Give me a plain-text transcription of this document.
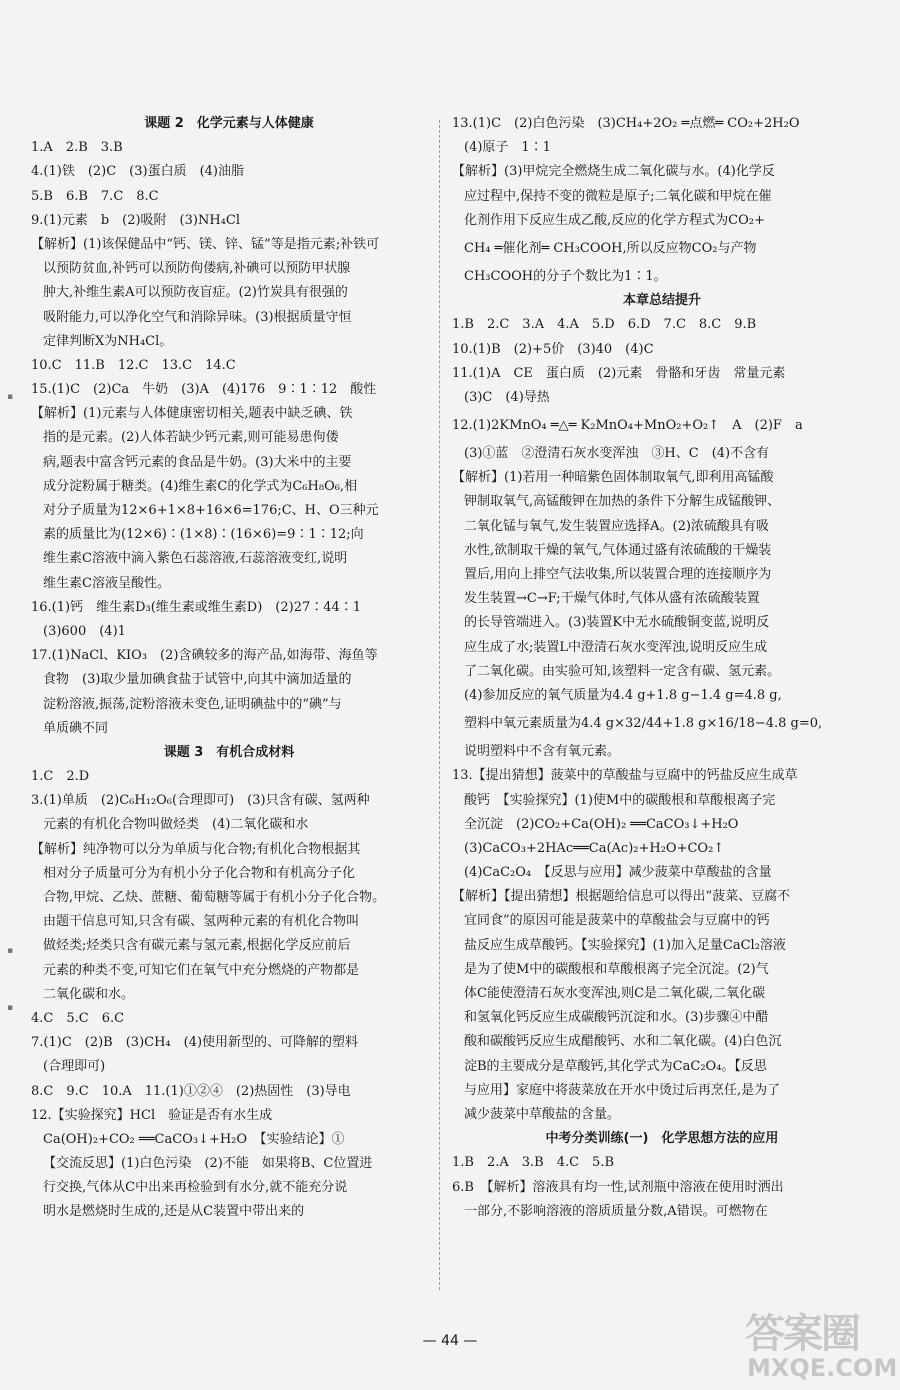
课题 2　化学元素与人体健康
1.A　2.B　3.B
4.(1)铁　(2)C　(3)蛋白质　(4)油脂
5.B　6.B　7.C　8.C
9.(1)元素　b　(2)吸附　(3)NH₄Cl
【解析】(1)该保健品中“钙、镁、锌、锰”等是指元素;补铁可
以预防贫血,补钙可以预防佝偻病,补碘可以预防甲状腺
肿大,补维生素A可以预防夜盲症。(2)竹炭具有很强的
吸附能力,可以净化空气和消除异味。(3)根据质量守恒
定律判断X为NH₄Cl。
10.C　11.B　12.C　13.C　14.C
15.(1)C　(2)Ca　牛奶　(3)A　(4)176　9∶1∶12　酸性
【解析】(1)元素与人体健康密切相关,题表中缺乏碘、铁
指的是元素。(2)人体若缺少钙元素,则可能易患佝偻
病,题表中富含钙元素的食品是牛奶。(3)大米中的主要
成分淀粉属于糖类。(4)维生素C的化学式为C₆H₈O₆,相
对分子质量为12×6+1×8+16×6=176;C、H、O三种元
素的质量比为(12×6)∶(1×8)∶(16×6)=9∶1∶12;向
维生素C溶液中滴入紫色石蕊溶液,石蕊溶液变红,说明
维生素C溶液呈酸性。
16.(1)钙　维生素D₃(维生素或维生素D)　(2)27∶44∶1
(3)600　(4)1
17.(1)NaCl、KIO₃　(2)含碘较多的海产品,如海带、海鱼等
食物　(3)取少量加碘食盐于试管中,向其中滴加适量的
淀粉溶液,振荡,淀粉溶液未变色,证明碘盐中的“碘”与
单质碘不同
课题 3　有机合成材料
1.C　2.D
3.(1)单质　(2)C₆H₁₂O₆(合理即可)　(3)只含有碳、氢两种
元素的有机化合物叫做烃类　(4)二氧化碳和水
【解析】纯净物可以分为单质与化合物;有机化合物根据其
相对分子质量可分为有机小分子化合物和有机高分子化
合物,甲烷、乙炔、蔗糖、葡萄糖等属于有机小分子化合物。
由题干信息可知,只含有碳、氢两种元素的有机化合物叫
做烃类;烃类只含有碳元素与氢元素,根据化学反应前后
元素的种类不变,可知它们在氧气中充分燃烧的产物都是
二氧化碳和水。
4.C　5.C　6.C
7.(1)C　(2)B　(3)CH₄　(4)使用新型的、可降解的塑料
(合理即可)
8.C　9.C　10.A　11.(1)①②④　(2)热固性　(3)导电
12.【实验探究】HCl　验证是否有水生成
Ca(OH)₂+CO₂ ══CaCO₃↓+H₂O　【实验结论】①
【交流反思】(1)白色污染　(2)不能　如果将B、C位置进
行交换,气体从C中出来再检验到有水分,就不能充分说
明水是燃烧时生成的,还是从C装置中带出来的
13.(1)C　(2)白色污染　(3)CH₄+2O₂ ═点燃═ CO₂+2H₂O
(4)原子　1∶1
【解析】(3)甲烷完全燃烧生成二氧化碳与水。(4)化学反
应过程中,保持不变的微粒是原子;二氧化碳和甲烷在催
化剂作用下反应生成乙酸,反应的化学方程式为CO₂+
CH₄ ═催化剂═ CH₃COOH,所以反应物CO₂与产物
CH₃COOH的分子个数比为1∶1。
本章总结提升
1.B　2.C　3.A　4.A　5.D　6.D　7.C　8.C　9.B
10.(1)B　(2)+5价　(3)40　(4)C
11.(1)A　CE　蛋白质　(2)元素　骨骼和牙齿　常量元素
(3)C　(4)导热
12.(1)2KMnO₄ ═△═ K₂MnO₄+MnO₂+O₂↑　A　(2)F　a
(3)①蓝　②澄清石灰水变浑浊　③H、C　(4)不含有
【解析】(1)若用一种暗紫色固体制取氧气,即利用高锰酸
钾制取氧气,高锰酸钾在加热的条件下分解生成锰酸钾、
二氧化锰与氧气,发生装置应选择A。(2)浓硫酸具有吸
水性,欲制取干燥的氧气,气体通过盛有浓硫酸的干燥装
置后,用向上排空气法收集,所以装置合理的连接顺序为
发生装置→C→F;干燥气体时,气体从盛有浓硫酸装置
的长导管端进入。(3)装置K中无水硫酸铜变蓝,说明反
应生成了水;装置L中澄清石灰水变浑浊,说明反应生成
了二氧化碳。由实验可知,该塑料一定含有碳、氢元素。
(4)参加反应的氧气质量为4.4 g+1.8 g−1.4 g=4.8 g,
塑料中氧元素质量为4.4 g×32/44+1.8 g×16/18−4.8 g=0,
说明塑料中不含有氧元素。
13.【提出猜想】菠菜中的草酸盐与豆腐中的钙盐反应生成草
酸钙　【实验探究】(1)使M中的碳酸根和草酸根离子完
全沉淀　(2)CO₂+Ca(OH)₂ ══CaCO₃↓+H₂O
(3)CaCO₃+2HAc══Ca(Ac)₂+H₂O+CO₂↑
(4)CaC₂O₄　【反思与应用】减少菠菜中草酸盐的含量
【解析】【提出猜想】根据题给信息可以得出“菠菜、豆腐不
宜同食”的原因可能是菠菜中的草酸盐会与豆腐中的钙
盐反应生成草酸钙。【实验探究】(1)加入足量CaCl₂溶液
是为了使M中的碳酸根和草酸根离子完全沉淀。(2)气
体C能使澄清石灰水变浑浊,则C是二氧化碳,二氧化碳
和氢氧化钙反应生成碳酸钙沉淀和水。(3)步骤④中醋
酸和碳酸钙反应生成醋酸钙、水和二氧化碳。(4)白色沉
淀B的主要成分是草酸钙,其化学式为CaC₂O₄。【反思
与应用】家庭中将菠菜放在开水中烫过后再烹任,是为了
减少菠菜中草酸盐的含量。
中考分类训练(一)　化学思想方法的应用
1.B　2.A　3.B　4.C　5.B
6.B　【解析】溶液具有均一性,试剂瓶中溶液在使用时洒出
一部分,不影响溶液的溶质质量分数,A错误。可燃物在
— 44 —	答案圈
MXQE.COM
▪
▪
▪
